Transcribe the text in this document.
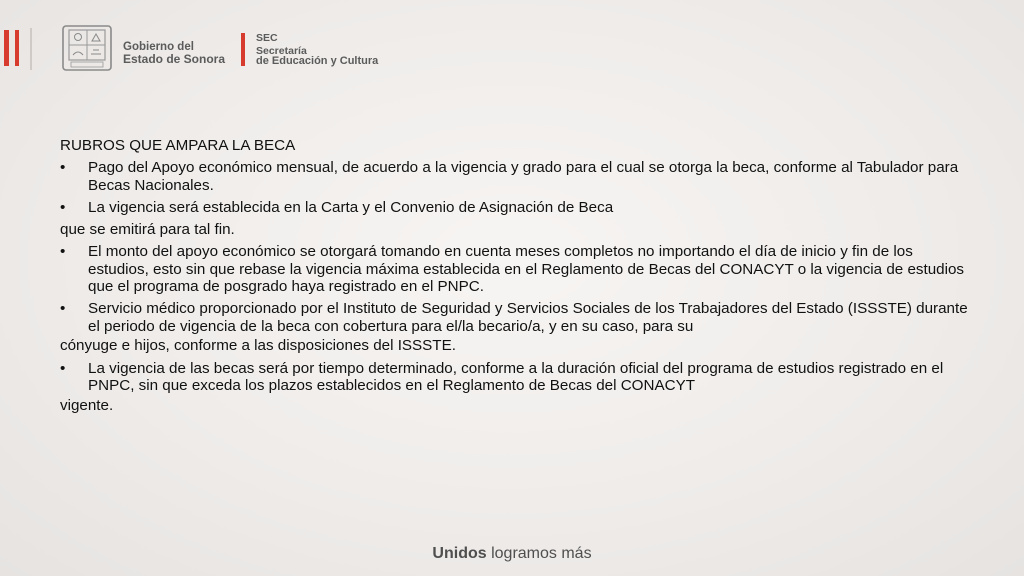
Gobierno del
Estado de Sonora
SEC
Secretaría
de Educación y Cultura

RUBROS QUE AMPARA LA BECA

• Pago del Apoyo económico mensual, de acuerdo a la vigencia y grado para el cual se otorga la beca, conforme al Tabulador para Becas Nacionales.
• La vigencia será establecida en la Carta y el Convenio de Asignación de Beca

que se emitirá para tal fin.

• El monto del apoyo económico se otorgará tomando en cuenta meses completos no importando el día de inicio y fin de los estudios, esto sin que rebase la vigencia máxima establecida en el Reglamento de Becas del CONACYT o la vigencia de estudios que el programa de posgrado haya registrado en el PNPC.
• Servicio médico proporcionado por el Instituto de Seguridad y Servicios Sociales de los Trabajadores del Estado (ISSSTE) durante el periodo de vigencia de la beca con cobertura para el/la becario/a, y en su caso, para su

cónyuge e hijos, conforme a las disposiciones del ISSSTE.

• La vigencia de las becas será por tiempo determinado, conforme a la duración oficial del programa de estudios registrado en el PNPC, sin que exceda los plazos establecidos en el Reglamento de Becas del CONACYT

vigente.

Unidos logramos más
